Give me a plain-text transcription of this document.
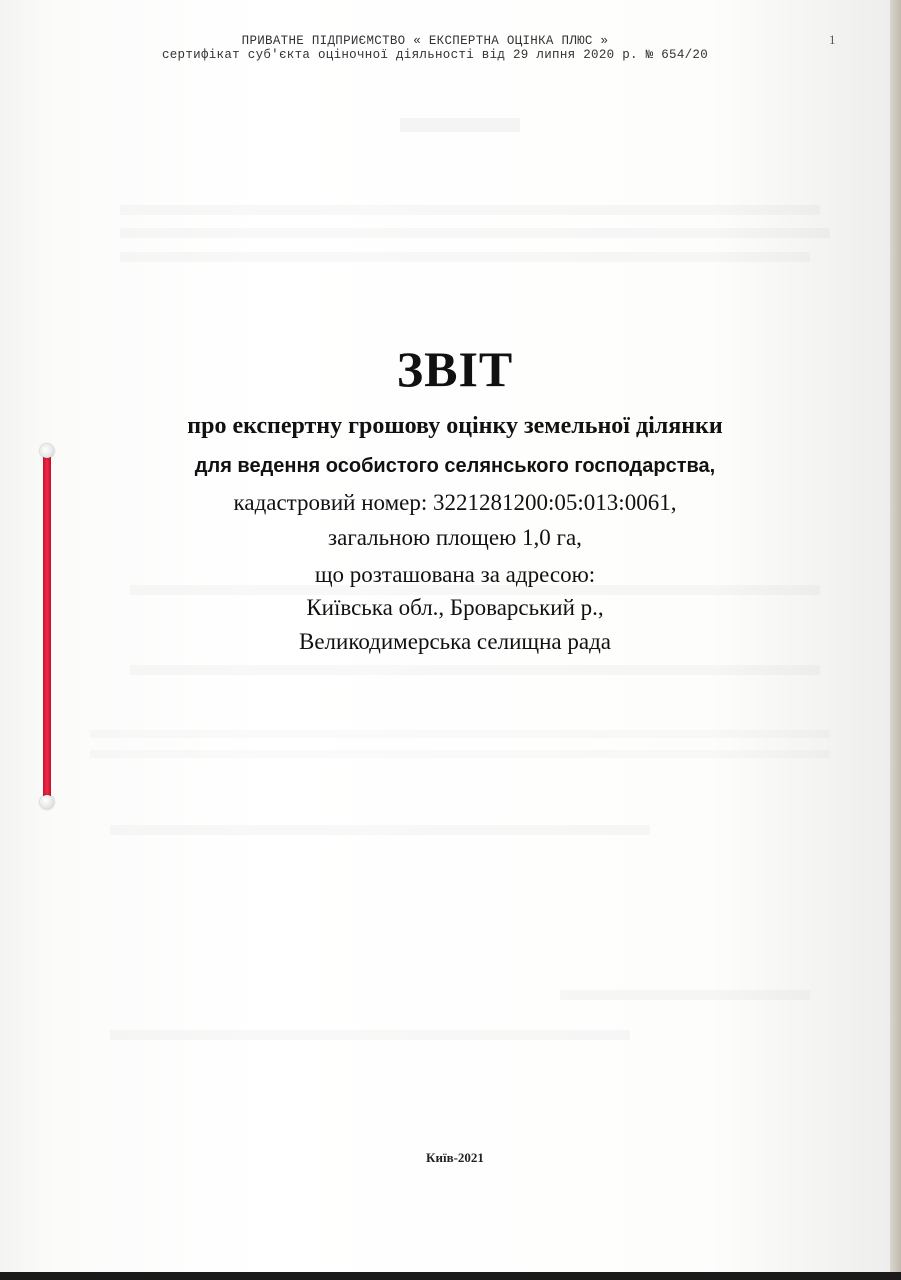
ПРИВАТНЕ ПІДПРИЄМСТВО « ЕКСПЕРТНА ОЦІНКА ПЛЮС »
сертифікат суб'єкта оціночної діяльності від 29 липня 2020 р. № 654/20
1
ЗВІТ
про експертну грошову оцінку земельної ділянки
для ведення особистого селянського господарства,
кадастровий номер: 3221281200:05:013:0061,
загальною площею 1,0 га,
що розташована за адресою:
Київська обл., Броварський р.,
Великодимерська селищна рада
Київ-2021
